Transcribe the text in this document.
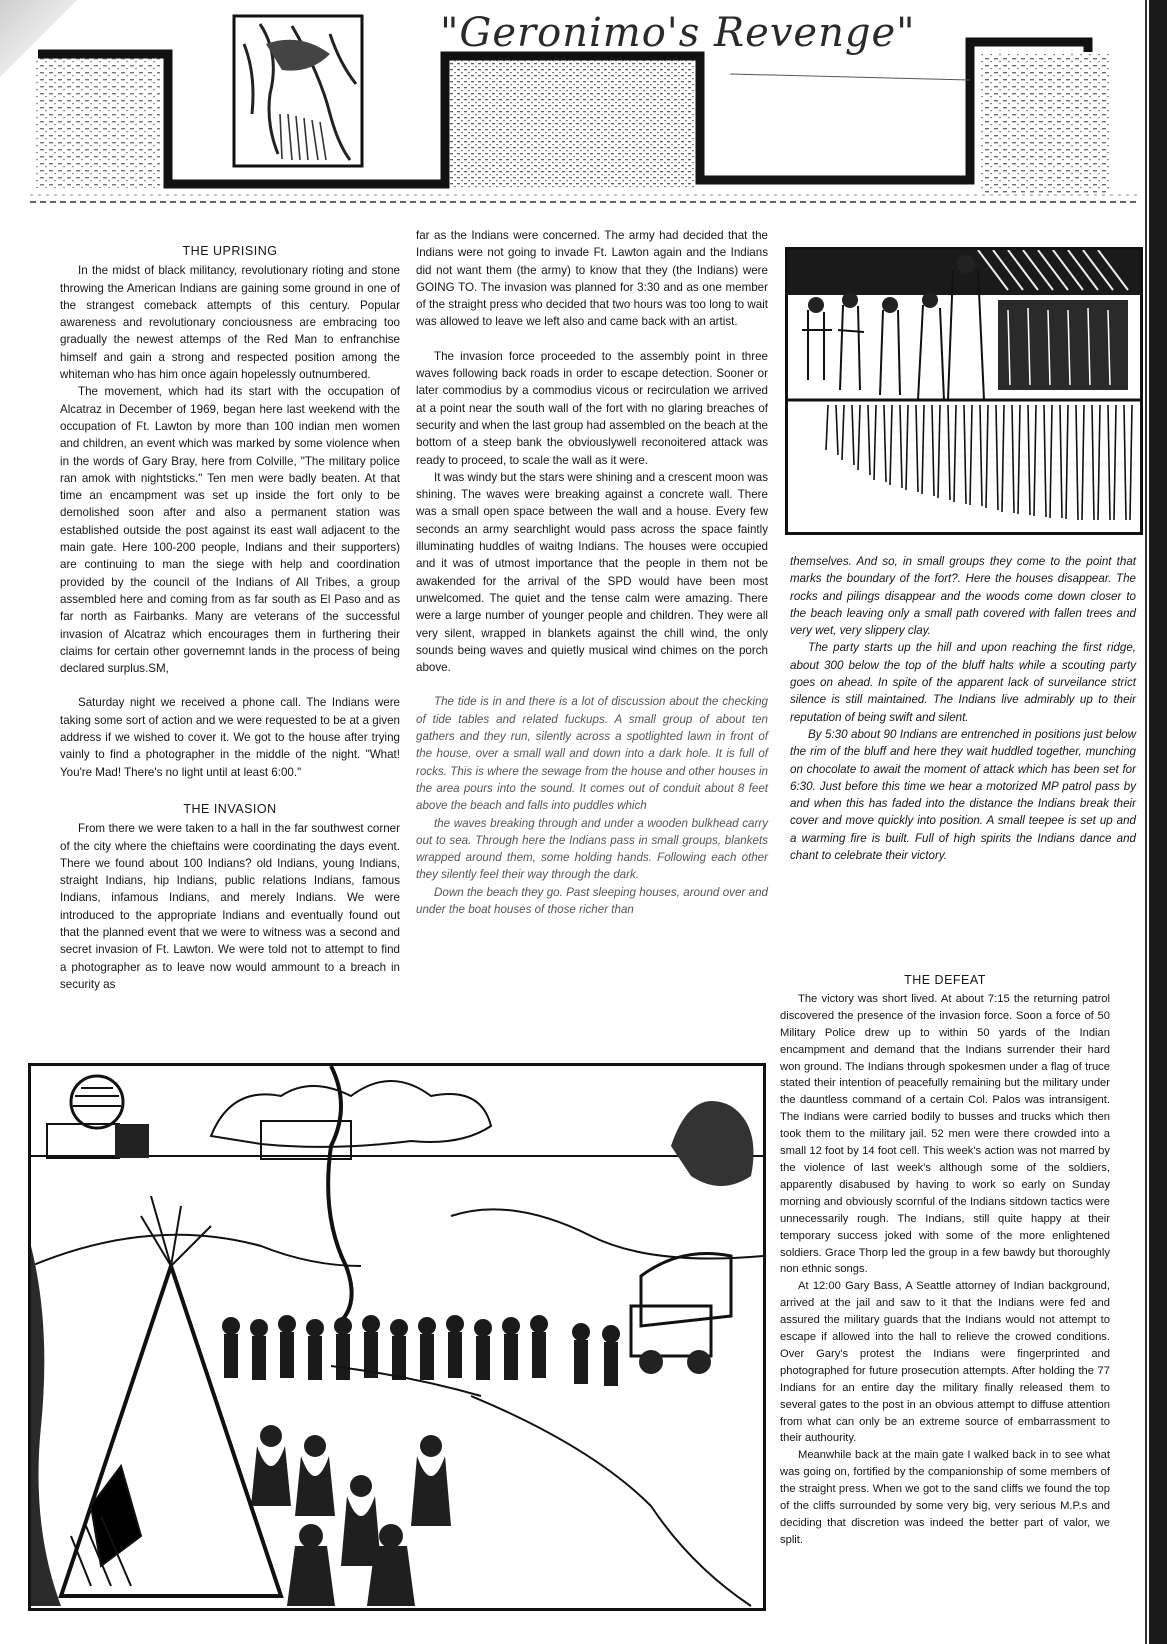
"Geronimo's Revenge"
THE UPRISING

In the midst of black militancy, revolutionary rioting and stone throwing the American Indians are gaining some ground in one of the strangest comeback attempts of this century. Popular awareness and revolutionary conciousness are embracing too gradually the newest attemps of the Red Man to enfranchise himself and gain a strong and respected position among the whiteman who has him once again hopelessly outnumbered.

The movement, which had its start with the occupation of Alcatraz in December of 1969, began here last weekend with the occupation of Ft. Lawton by more than 100 indian men women and children, an event which was marked by some violence when in the words of Gary Bray, here from Colville, "The military police ran amok with nightsticks." Ten men were badly beaten. At that time an encampment was set up inside the fort only to be demolished soon after and also a permanent station was established outside the post against its east wall adjacent to the main gate. Here 100-200 people, Indians and their supporters) are continuing to man the siege with help and coordination provided by the council of the Indians of All Tribes, a group assembled here and coming from as far south as El Paso and as far north as Fairbanks. Many are veterans of the successful invasion of Alcatraz which encourages them in furthering their claims for certain other governemnt lands in the process of being declared surplus.SM,

Saturday night we received a phone call. The Indians were taking some sort of action and we were requested to be at a given address if we wished to cover it. We got to the house after trying vainly to find a photographer in the middle of the night. "What! You're Mad! There's no light until at least 6:00."

THE INVASION

From there we were taken to a hall in the far southwest corner of the city where the chieftains were coordinating the days event. There we found about 100 Indians? old Indians, young Indians, straight Indians, hip Indians, public relations Indians, famous Indians, infamous Indians, and merely Indians. We were introduced to the appropriate Indians and eventually found out that the planned event that we were to witness was a second and secret invasion of Ft. Lawton. We were told not to attempt to find a photographer as to leave now would ammount to a breach in security as

far as the Indians were concerned. The army had decided that the Indians were not going to invade Ft. Lawton again and the Indians did not want them (the army) to know that they (the Indians) were GOING TO. The invasion was planned for 3:30 and as one member of the straight press who decided that two hours was too long to wait was allowed to leave we left also and came back with an artist.

The invasion force proceeded to the assembly point in three waves following back roads in order to escape detection. Sooner or later commodius by a commodius vicous or recirculation we arrived at a point near the south wall of the fort with no glaring breaches of security and when the last group had assembled on the beach at the bottom of a steep bank the obviouslywell reconoitered attack was ready to proceed, to scale the wall as it were.

It was windy but the stars were shining and a crescent moon was shining. The waves were breaking against a concrete wall. There was a small open space between the wall and a house. Every few seconds an army searchlight would pass across the space faintly illuminating huddles of waitng Indians. The houses were occupied and it was of utmost importance that the people in them not be awakended for the arrival of the SPD would have been most unwelcomed. The quiet and the tense calm were amazing. There were a large number of younger people and children. They were all very silent, wrapped in blankets against the chill wind, the only sounds being waves and quietly musical wind chimes on the porch above.

The tide is in and there is a lot of discussion about the checking of tide tables and related fuckups. A small group of about ten gathers and they run, silently across a spotlighted lawn in front of the house, over a small wall and down into a dark hole. It is full of rocks. This is where the sewage from the house and other houses in the area pours into the sound. It comes out of conduit about 8 feet above the beach and falls into puddles which

the waves breaking through and under a wooden bulkhead carry out to sea. Through here the Indians pass in small groups, blankets wrapped around them, some holding hands. Following each other they silently feel their way through the dark.

Down the beach they go. Past sleeping houses, around over and under the boat houses of those richer than

themselves. And so, in small groups they come to the point that marks the boundary of the fort?. Here the houses disappear. The rocks and pilings disappear and the woods come down closer to the beach leaving only a small path covered with fallen trees and very wet, very slippery clay.

The party starts up the hill and upon reaching the first ridge, about 300 below the top of the bluff halts while a scouting party goes on ahead. In spite of the apparent lack of surveilance strict silence is still maintained. The Indians live admirably up to their reputation of being swift and silent.

By 5:30 about 90 Indians are entrenched in positions just below the rim of the bluff and here they wait huddled together, munching on chocolate to await the moment of attack which has been set for 6:30. Just before this time we hear a motorized MP patrol pass by and when this has faded into the distance the Indians break their cover and move quickly into position. A small teepee is set up and a warming fire is built. Full of high spirits the Indians dance and chant to celebrate their victory.

THE DEFEAT

The victory was short lived. At about 7:15 the returning patrol discovered the presence of the invasion force. Soon a force of 50 Military Police drew up to within 50 yards of the Indian encampment and demand that the Indians surrender their hard won ground. The Indians through spokesmen under a flag of truce stated their intention of peacefully remaining but the military under the dauntless command of a certain Col. Palos was intransigent. The Indians were carried bodily to busses and trucks which then took them to the military jail. 52 men were there crowded into a small 12 foot by 14 foot cell. This week's action was not marred by the violence of last week's although some of the soldiers, apparently disabused by having to work so early on Sunday morning and obviously scornful of the Indians sitdown tactics were unnecessarily rough. The Indians, still quite happy at their temporary success joked with some of the more enlightened soldiers. Grace Thorp led the group in a few bawdy but thoroughly non ethnic songs.

At 12:00 Gary Bass, A Seattle attorney of Indian background, arrived at the jail and saw to it that the Indians were fed and assured the military guards that the Indians would not attempt to escape if allowed into the hall to relieve the crowed conditions. Over Gary's protest the Indians were fingerprinted and photographed for future prosecution attempts. After holding the 77 Indians for an entire day the military finally released them to several gates to the post in an obvious attempt to diffuse attention from what can only be an extreme source of embarrassment to their authourity.

Meanwhile back at the main gate I walked back in to see what was going on, fortified by the companionship of some members of the straight press. When we got to the sand cliffs we found the top of the cliffs surrounded by some very big, very serious M.P.s and deciding that discretion was indeed the better part of valor, we split.
